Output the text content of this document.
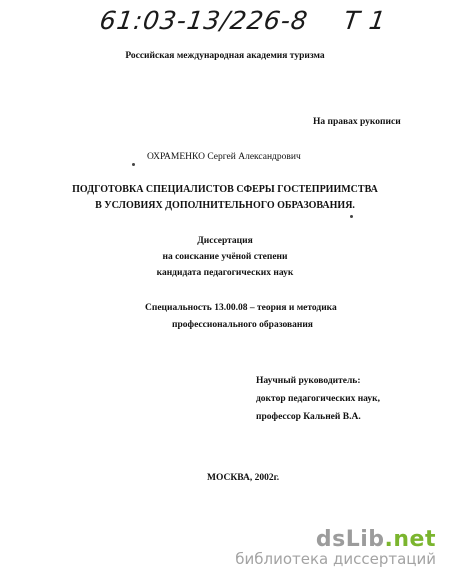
61:03-13/226-8 Т 1
Российская международная академия туризма
На правах рукописи
ОХРАМЕНКО Сергей Александрович
ПОДГОТОВКА СПЕЦИАЛИСТОВ СФЕРЫ ГОСТЕПРИИМСТВА
В УСЛОВИЯХ ДОПОЛНИТЕЛЬНОГО ОБРАЗОВАНИЯ.
Диссертация
на соискание учёной степени
кандидата педагогических наук
Специальность 13.00.08 – теория и методика
профессионального образования
Научный руководитель:
доктор педагогических наук,
профессор Кальней В.А.
МОСКВА, 2002г.
dsLib.net
библиотека диссертаций
